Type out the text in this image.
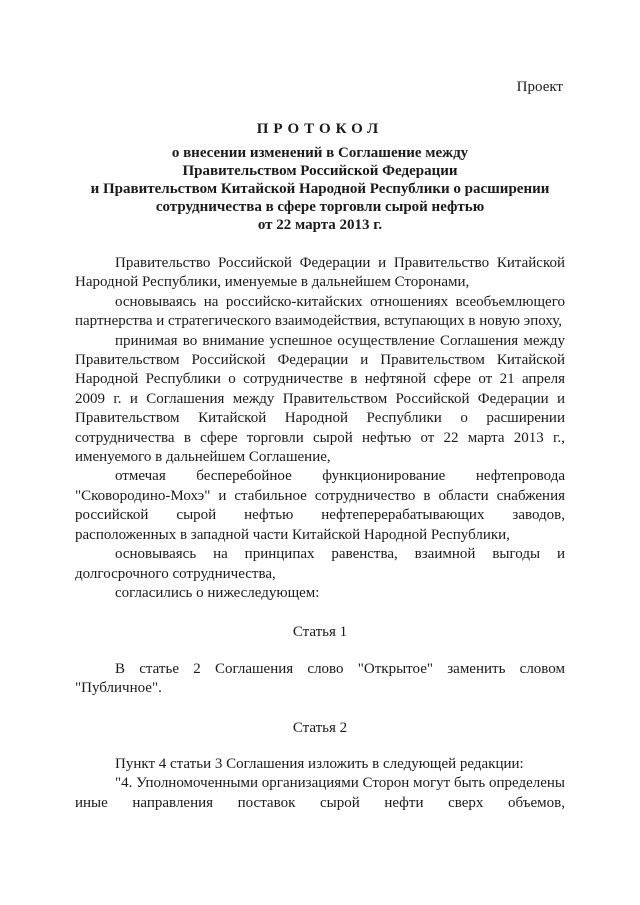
Проект
ПРОТОКОЛ
о внесении изменений в Соглашение между
Правительством Российской Федерации
и Правительством Китайской Народной Республики о расширении
сотрудничества в сфере торговли сырой нефтью
от 22 марта 2013 г.

Правительство Российской Федерации и Правительство Китайской Народной Республики, именуемые в дальнейшем Сторонами,

основываясь на российско-китайских отношениях всеобъемлющего партнерства и стратегического взаимодействия, вступающих в новую эпоху,

принимая во внимание успешное осуществление Соглашения между Правительством Российской Федерации и Правительством Китайской Народной Республики о сотрудничестве в нефтяной сфере от 21 апреля 2009 г. и Соглашения между Правительством Российской Федерации и Правительством Китайской Народной Республики о расширении сотрудничества в сфере торговли сырой нефтью от 22 марта 2013 г., именуемого в дальнейшем Соглашение,

отмечая бесперебойное функционирование нефтепровода "Сковородино-Мохэ" и стабильное сотрудничество в области снабжения российской сырой нефтью нефтеперерабатывающих заводов, расположенных в западной части Китайской Народной Республики,

основываясь на принципах равенства, взаимной выгоды и долгосрочного сотрудничества,

согласились о нижеследующем:

Статья 1

В статье 2 Соглашения слово "Открытое" заменить словом "Публичное".

Статья 2

Пункт 4 статьи 3 Соглашения изложить в следующей редакции:

"4. Уполномоченными организациями Сторон могут быть определены иные направления поставок сырой нефти сверх объемов,
